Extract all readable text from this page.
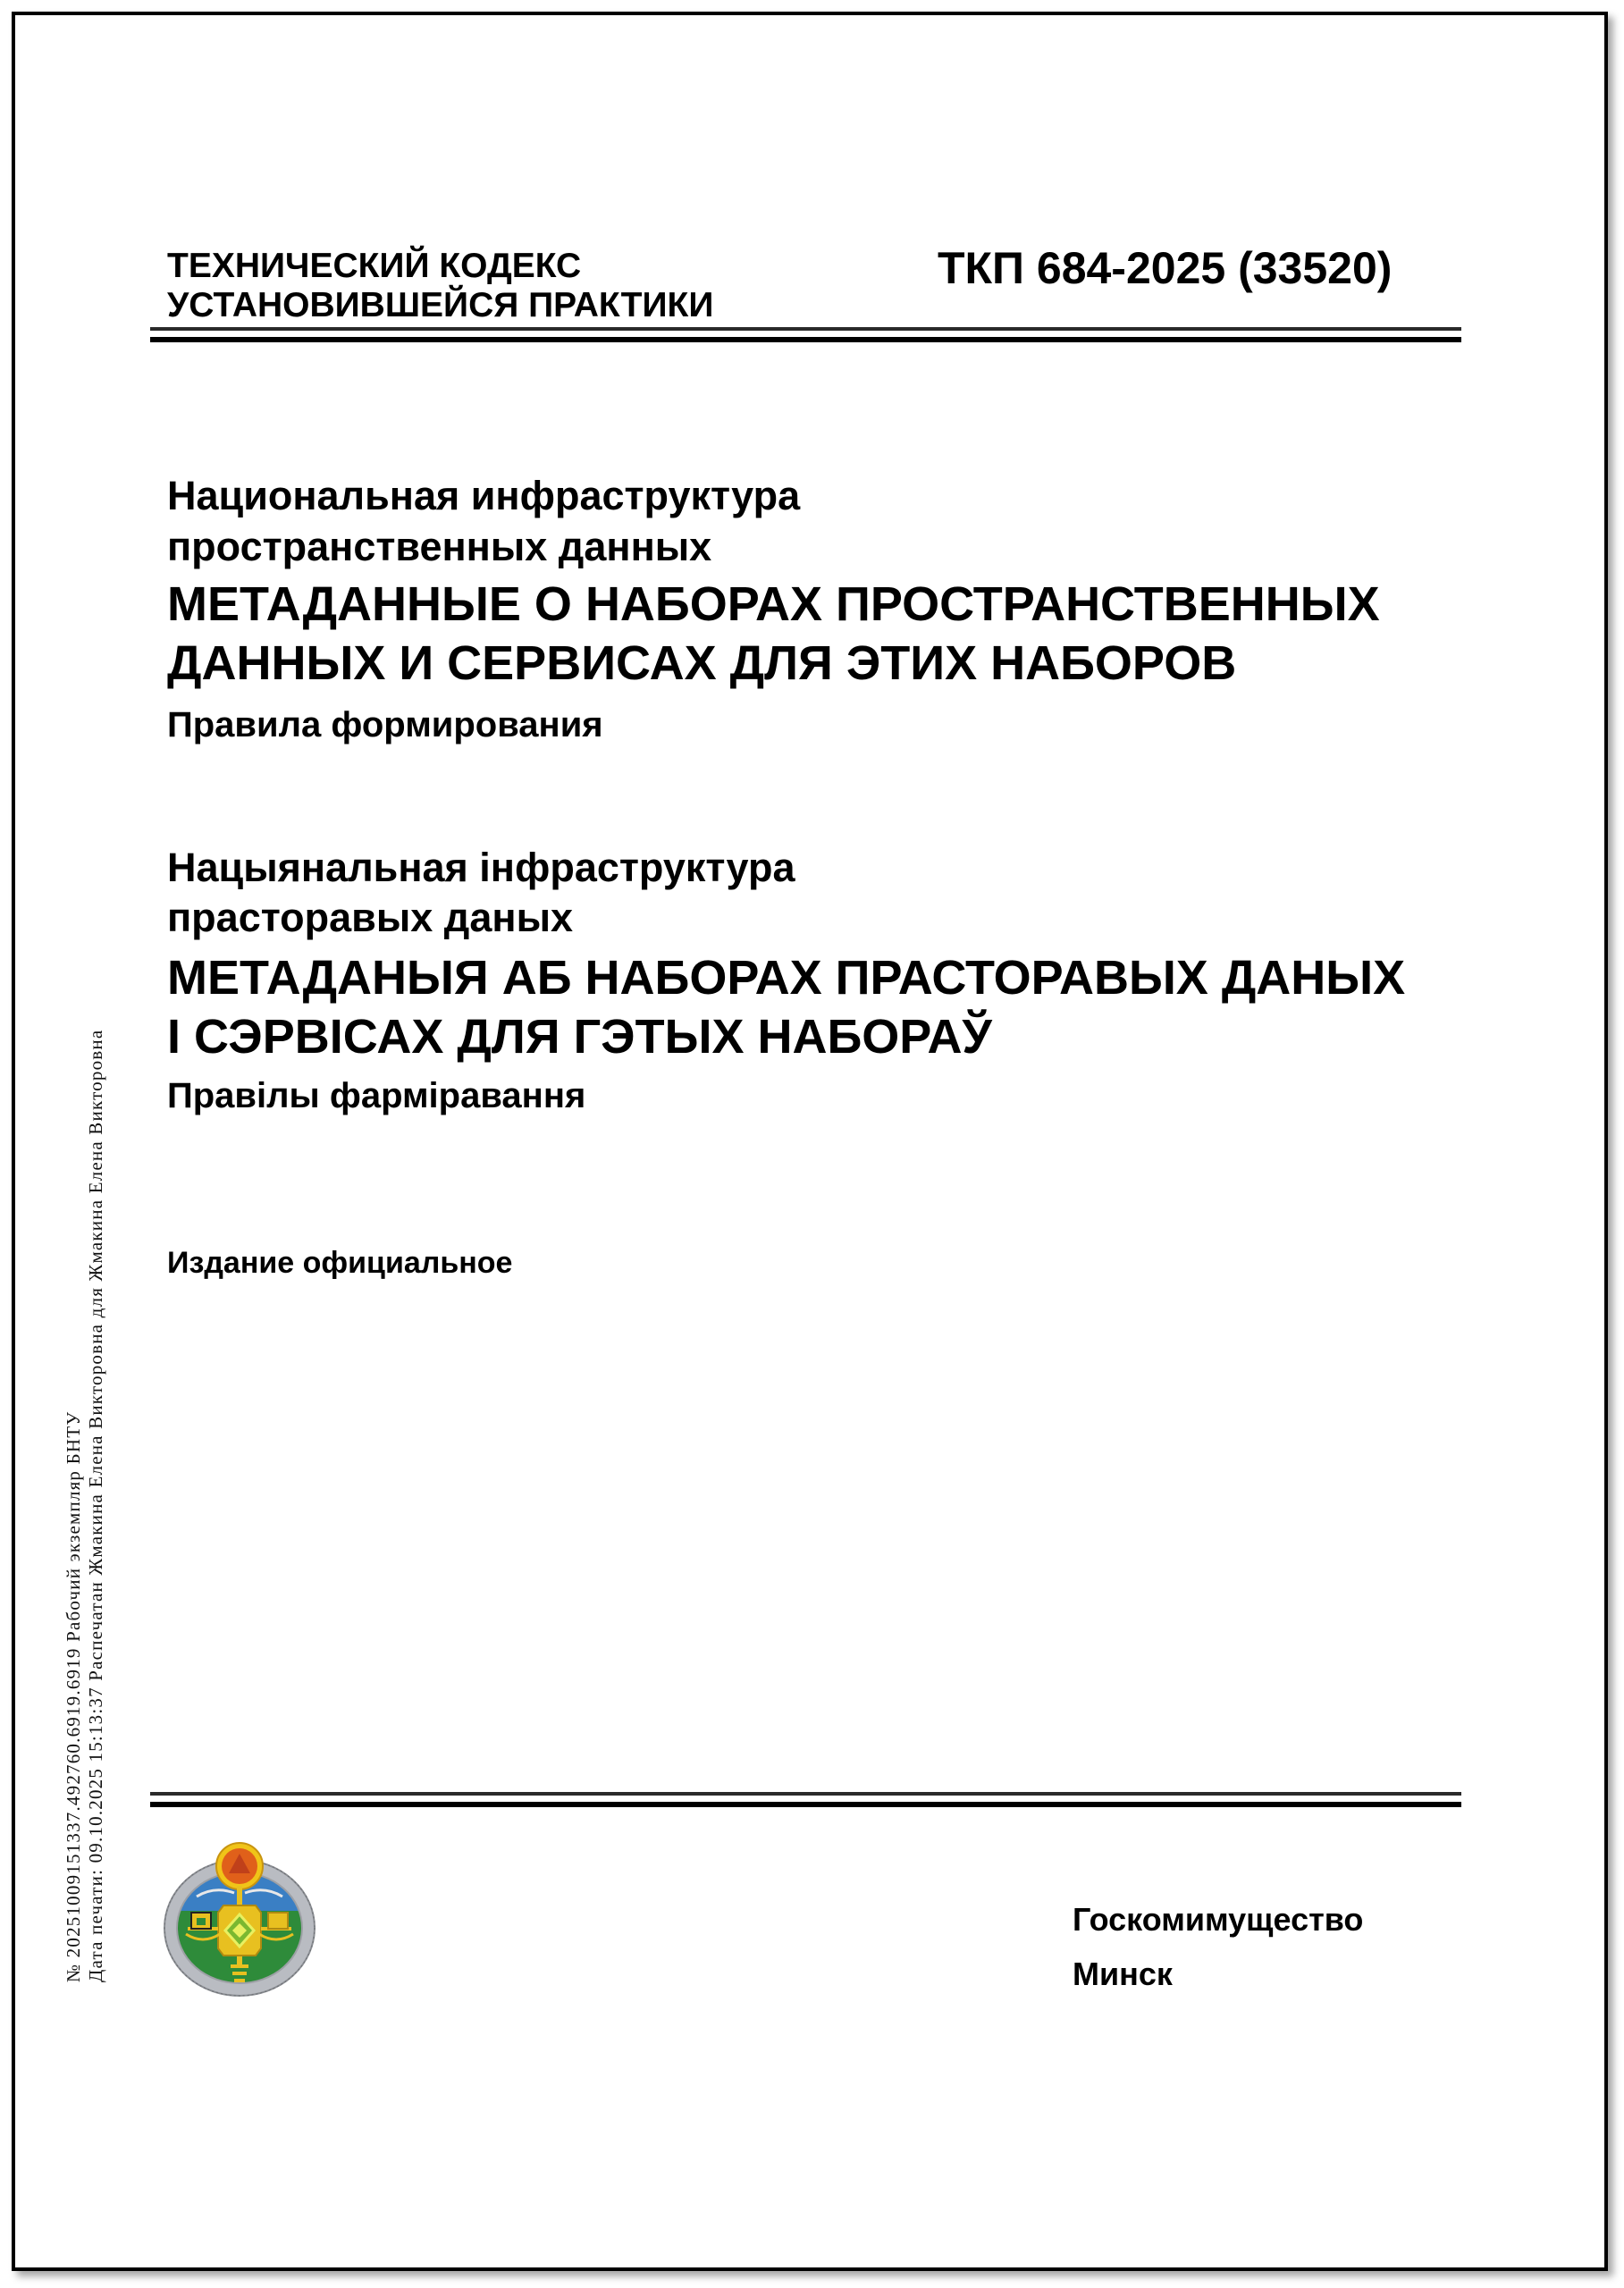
ТЕХНИЧЕСКИЙ КОДЕКС
УСТАНОВИВШЕЙСЯ ПРАКТИКИ
ТКП 684-2025 (33520)
Национальная инфраструктура
пространственных данных
МЕТАДАННЫЕ О НАБОРАХ ПРОСТРАНСТВЕННЫХ
ДАННЫХ И СЕРВИСАХ ДЛЯ ЭТИХ НАБОРОВ
Правила формирования
Нацыянальная інфраструктура
прасторавых даных
МЕТАДАНЫЯ АБ НАБОРАХ ПРАСТОРАВЫХ ДАНЫХ
І СЭРВІСАХ ДЛЯ ГЭТЫХ НАБОРАЎ
Правілы фарміравання
Издание официальное
Госкомимущество
Минск
№ 20251009151337.492760.6919.6919 Рабочий экземпляр БНТУ Дата печати: 09.10.2025 15:13:37 Распечатан Жмакина Елена Викторовна для Жмакина Елена Викторовна
